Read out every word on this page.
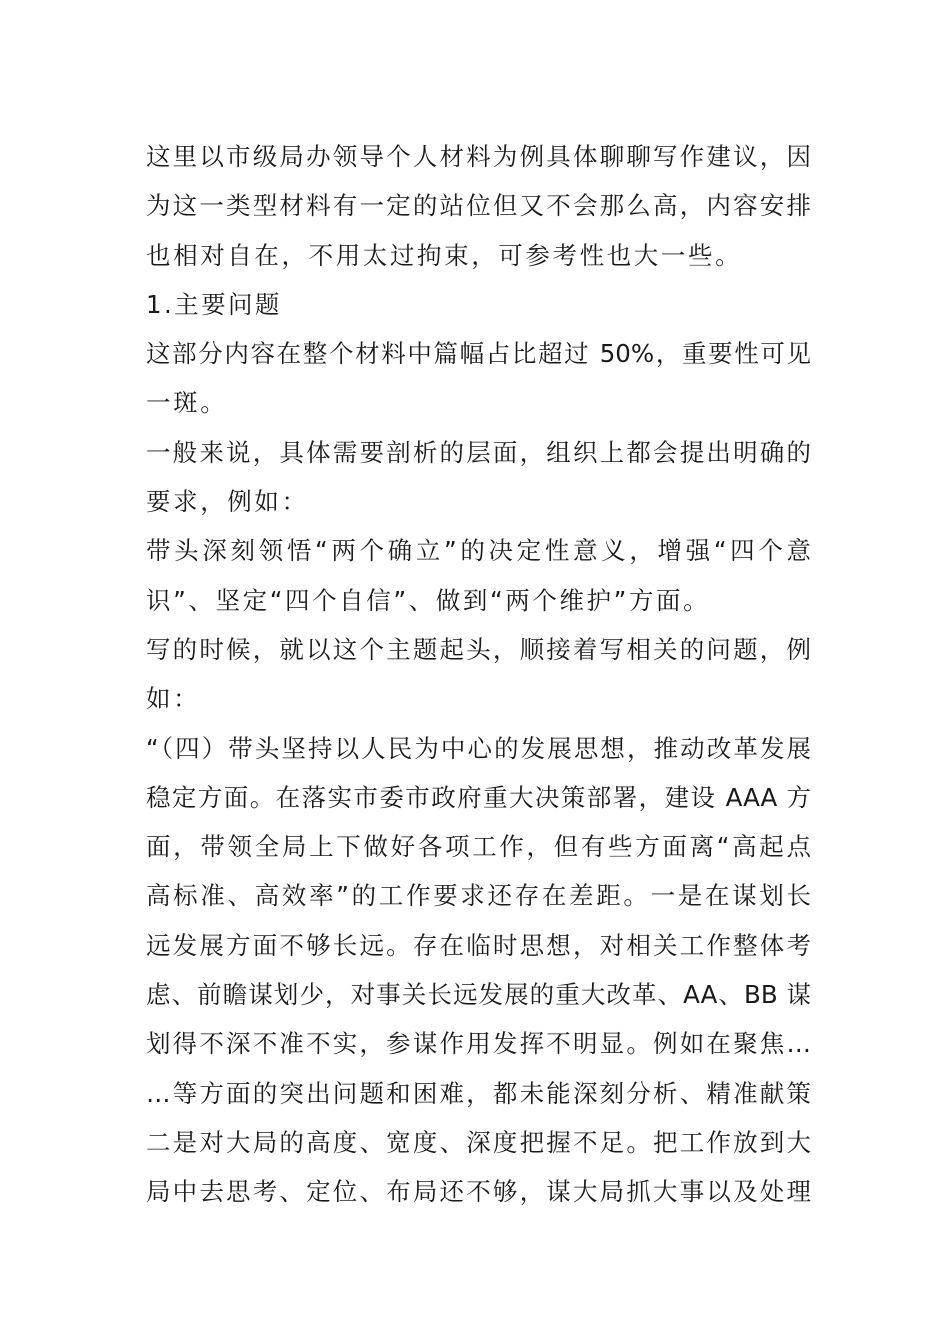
这里以市级局办领导个人材料为例具体聊聊写作建议，因
为这一类型材料有一定的站位但又不会那么高，内容安排
也相对自在，不用太过拘束，可参考性也大一些。
1.主要问题
这部分内容在整个材料中篇幅占比超过 50%，重要性可见
一斑。
一般来说，具体需要剖析的层面，组织上都会提出明确的
要求，例如：
带头深刻领悟“两个确立”的决定性意义，增强“四个意
识”、坚定“四个自信”、做到“两个维护”方面。
写的时候，就以这个主题起头，顺接着写相关的问题，例
如：
“（四）带头坚持以人民为中心的发展思想，推动改革发展
稳定方面。在落实市委市政府重大决策部署，建设 AAA 方
面，带领全局上下做好各项工作，但有些方面离“高起点
高标准、高效率”的工作要求还存在差距。一是在谋划长
远发展方面不够长远。存在临时思想，对相关工作整体考
虑、前瞻谋划少，对事关长远发展的重大改革、AA、BB 谋
划得不深不准不实，参谋作用发挥不明显。例如在聚焦…
…等方面的突出问题和困难，都未能深刻分析、精准献策
二是对大局的高度、宽度、深度把握不足。把工作放到大
局中去思考、定位、布局还不够，谋大局抓大事以及处理
